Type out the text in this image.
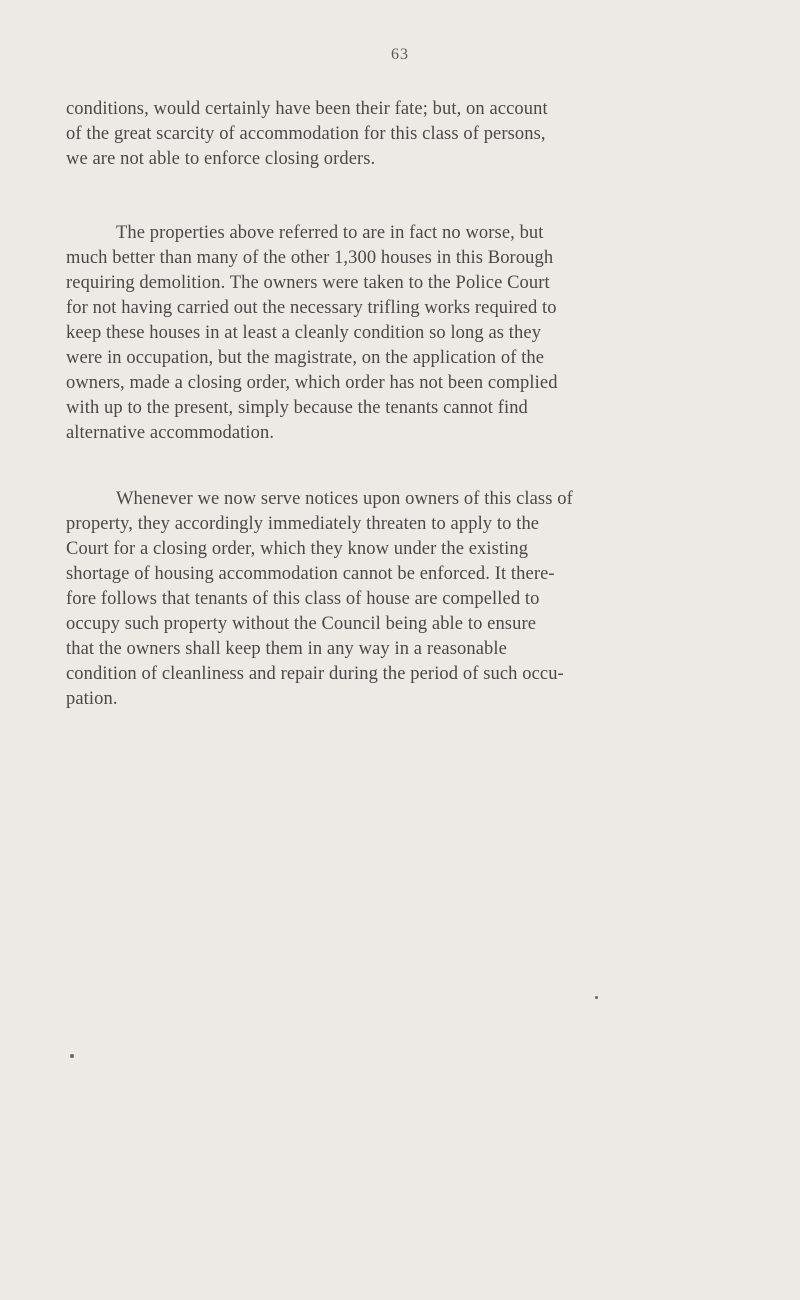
63
conditions, would certainly have been their fate; but, on account
of the great scarcity of accommodation for this class of persons,
we are not able to enforce closing orders.
The properties above referred to are in fact no worse, but
much better than many of the other 1,300 houses in this Borough
requiring demolition. The owners were taken to the Police Court
for not having carried out the necessary trifling works required to
keep these houses in at least a cleanly condition so long as they
were in occupation, but the magistrate, on the application of the
owners, made a closing order, which order has not been complied
with up to the present, simply because the tenants cannot find
alternative accommodation.
Whenever we now serve notices upon owners of this class of
property, they accordingly immediately threaten to apply to the
Court for a closing order, which they know under the existing
shortage of housing accommodation cannot be enforced. It there-
fore follows that tenants of this class of house are compelled to
occupy such property without the Council being able to ensure
that the owners shall keep them in any way in a reasonable
condition of cleanliness and repair during the period of such occu-
pation.
